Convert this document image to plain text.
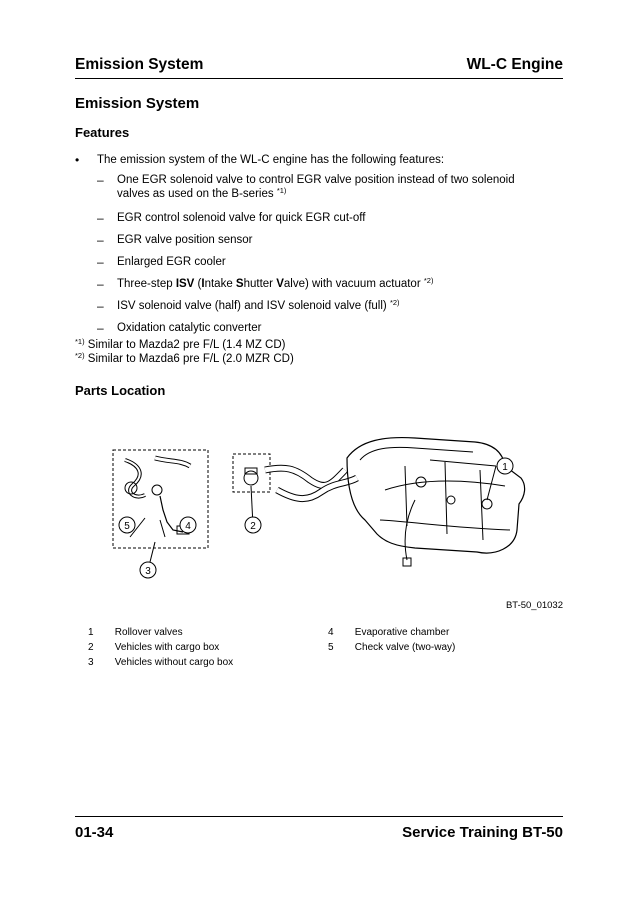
Emission System	WL-C Engine
Emission System
Features
• The emission system of the WL-C engine has the following features:
– One EGR solenoid valve to control EGR valve position instead of two solenoid valves as used on the B-series $^{*1)}$
– EGR control solenoid valve for quick EGR cut-off
– EGR valve position sensor
– Enlarged EGR cooler
– Three-step ISV (Intake Shutter Valve) with vacuum actuator $^{*2)}$
– ISV solenoid valve (half) and ISV solenoid valve (full) $^{*2)}$
– Oxidation catalytic converter
$^{*1)}$ Similar to Mazda2 pre F/L (1.4 MZ CD)
$^{*2)}$ Similar to Mazda6 pre F/L (2.0 MZR CD)
Parts Location
1
2
3
4
5
BT-50_01032
1 Rollover valves
2 Vehicles with cargo box
3 Vehicles without cargo box
4 Evaporative chamber
5 Check valve (two-way)
01-34	Service Training BT-50
